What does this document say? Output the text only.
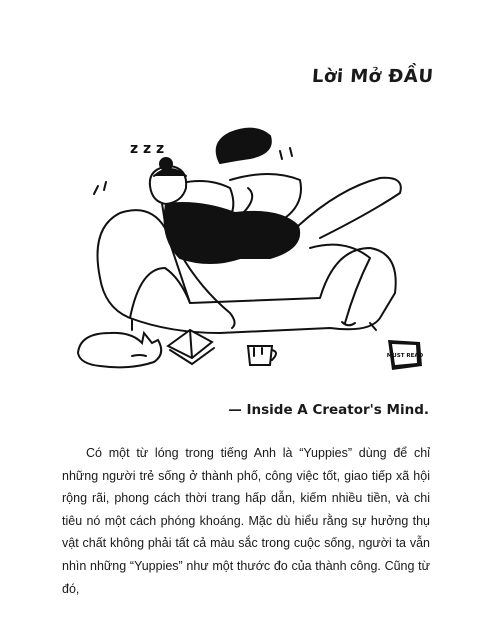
Lời Mở ĐẦU
z z z
MUST READ
— Inside A Creator's Mind.

Có một từ lóng trong tiếng Anh là “Yuppies” dùng để chỉ những người trẻ sống ở thành phố, công việc tốt, giao tiếp xã hội rộng rãi, phong cách thời trang hấp dẫn, kiếm nhiều tiền, và chi tiêu nó một cách phóng khoáng. Mặc dù hiểu rằng sự hưởng thụ vật chất không phải tất cả màu sắc trong cuộc sống, người ta vẫn nhìn những “Yuppies” như một thước đo của thành công. Cũng từ đó,
